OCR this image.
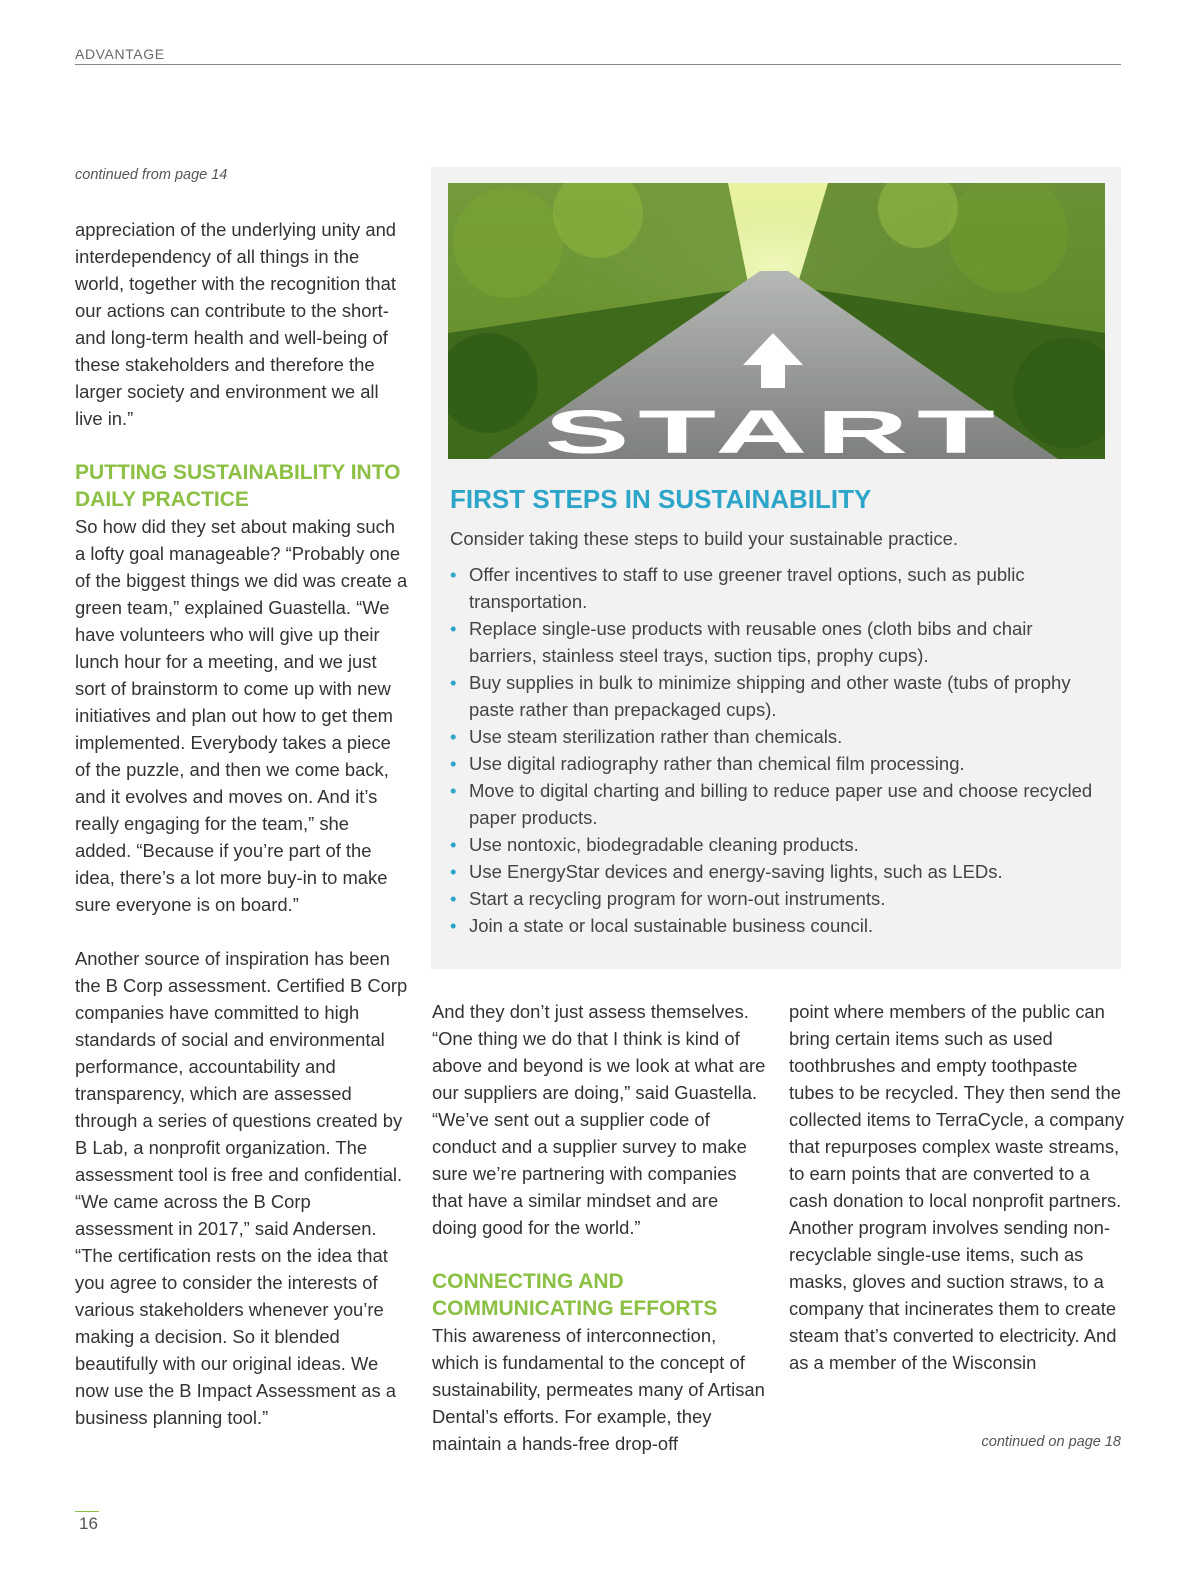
ADVANTAGE
continued from page 14

appreciation of the underlying unity and interdependency of all things in the world, together with the recognition that our actions can contribute to the short- and long-term health and well-being of these stakeholders and therefore the larger society and environment we all live in.”

PUTTING SUSTAINABILITY INTO DAILY PRACTICE

So how did they set about making such a lofty goal manageable? “Probably one of the biggest things we did was create a green team,” explained Guastella. “We have volunteers who will give up their lunch hour for a meeting, and we just sort of brainstorm to come up with new initiatives and plan out how to get them implemented. Everybody takes a piece of the puzzle, and then we come back, and it evolves and moves on. And it’s really engaging for the team,” she added. “Because if you’re part of the idea, there’s a lot more buy-in to make sure everyone is on board.”

Another source of inspiration has been the B Corp assessment. Certified B Corp companies have committed to high standards of social and environmental performance, accountability and transparency, which are assessed through a series of questions created by B Lab, a nonprofit organization. The assessment tool is free and confidential. “We came across the B Corp assessment in 2017,” said Andersen. “The certification rests on the idea that you agree to consider the interests of various stakeholders whenever you’re making a decision. So it blended beautifully with our original ideas. We now use the B Impact Assessment as a business planning tool.”

START
FIRST STEPS IN SUSTAINABILITY

Consider taking these steps to build your sustainable practice.

• Offer incentives to staff to use greener travel options, such as public transportation.
• Replace single-use products with reusable ones (cloth bibs and chair barriers, stainless steel trays, suction tips, prophy cups).
• Buy supplies in bulk to minimize shipping and other waste (tubs of prophy paste rather than prepackaged cups).
• Use steam sterilization rather than chemicals.
• Use digital radiography rather than chemical film processing.
• Move to digital charting and billing to reduce paper use and choose recycled paper products.
• Use nontoxic, biodegradable cleaning products.
• Use EnergyStar devices and energy-saving lights, such as LEDs.
• Start a recycling program for worn-out instruments.
• Join a state or local sustainable business council.

And they don’t just assess themselves. “One thing we do that I think is kind of above and beyond is we look at what are our suppliers are doing,” said Guastella. “We’ve sent out a supplier code of conduct and a supplier survey to make sure we’re partnering with companies that have a similar mindset and are doing good for the world.”

CONNECTING AND COMMUNICATING EFFORTS

This awareness of interconnection, which is fundamental to the concept of sustainability, permeates many of Artisan Dental’s efforts. For example, they maintain a hands-free drop-off

point where members of the public can bring certain items such as used toothbrushes and empty toothpaste tubes to be recycled. They then send the collected items to TerraCycle, a company that repurposes complex waste streams, to earn points that are converted to a cash donation to local nonprofit partners. Another program involves sending non-recyclable single-use items, such as masks, gloves and suction straws, to a company that incinerates them to create steam that’s converted to electricity. And as a member of the Wisconsin

continued on page 18
16
